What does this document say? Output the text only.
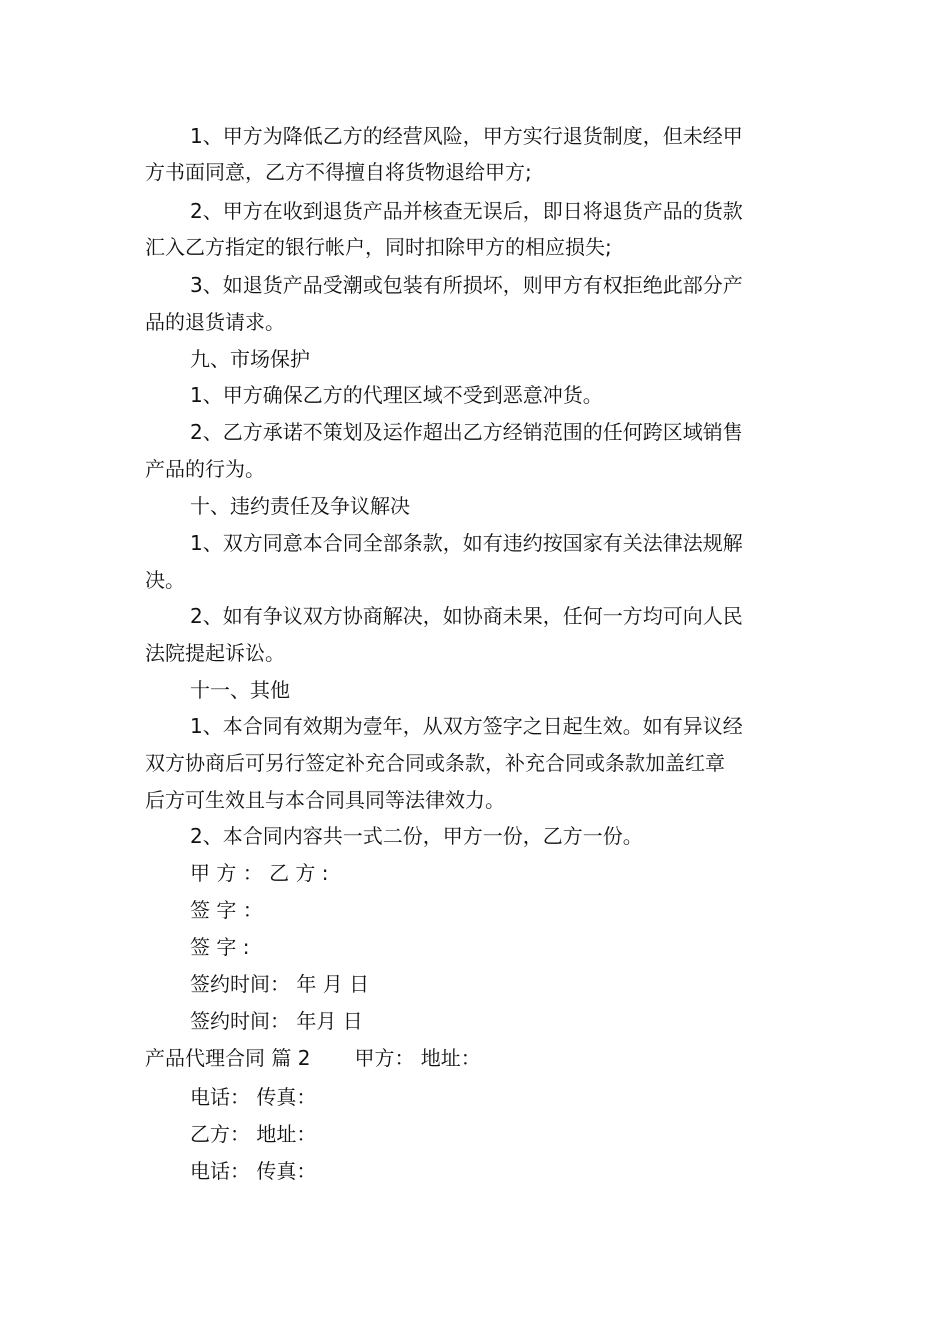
1、甲方为降低乙方的经营风险，甲方实行退货制度，但未经甲
方书面同意，乙方不得擅自将货物退给甲方;
2、甲方在收到退货产品并核查无误后，即日将退货产品的货款
汇入乙方指定的银行帐户，同时扣除甲方的相应损失;
3、如退货产品受潮或包装有所损坏，则甲方有权拒绝此部分产
品的退货请求。
九、市场保护
1、甲方确保乙方的代理区域不受到恶意冲货。
2、乙方承诺不策划及运作超出乙方经销范围的任何跨区域销售
产品的行为。
十、违约责任及争议解决
1、双方同意本合同全部条款，如有违约按国家有关法律法规解
决。
2、如有争议双方协商解决，如协商未果，任何一方均可向人民
法院提起诉讼。
十一、其他
1、本合同有效期为壹年，从双方签字之日起生效。如有异议经
双方协商后可另行签定补充合同或条款，补充合同或条款加盖红章
后方可生效且与本合同具同等法律效力。
2、本合同内容共一式二份，甲方一份，乙方一份。
甲 方 ： 乙 方 :
签 字 ：
签 字 :
签约时间： 年 月 日
签约时间： 年月 日
产品代理合同 篇 2 甲方： 地址：
电话： 传真：
乙方： 地址：
电话： 传真：
